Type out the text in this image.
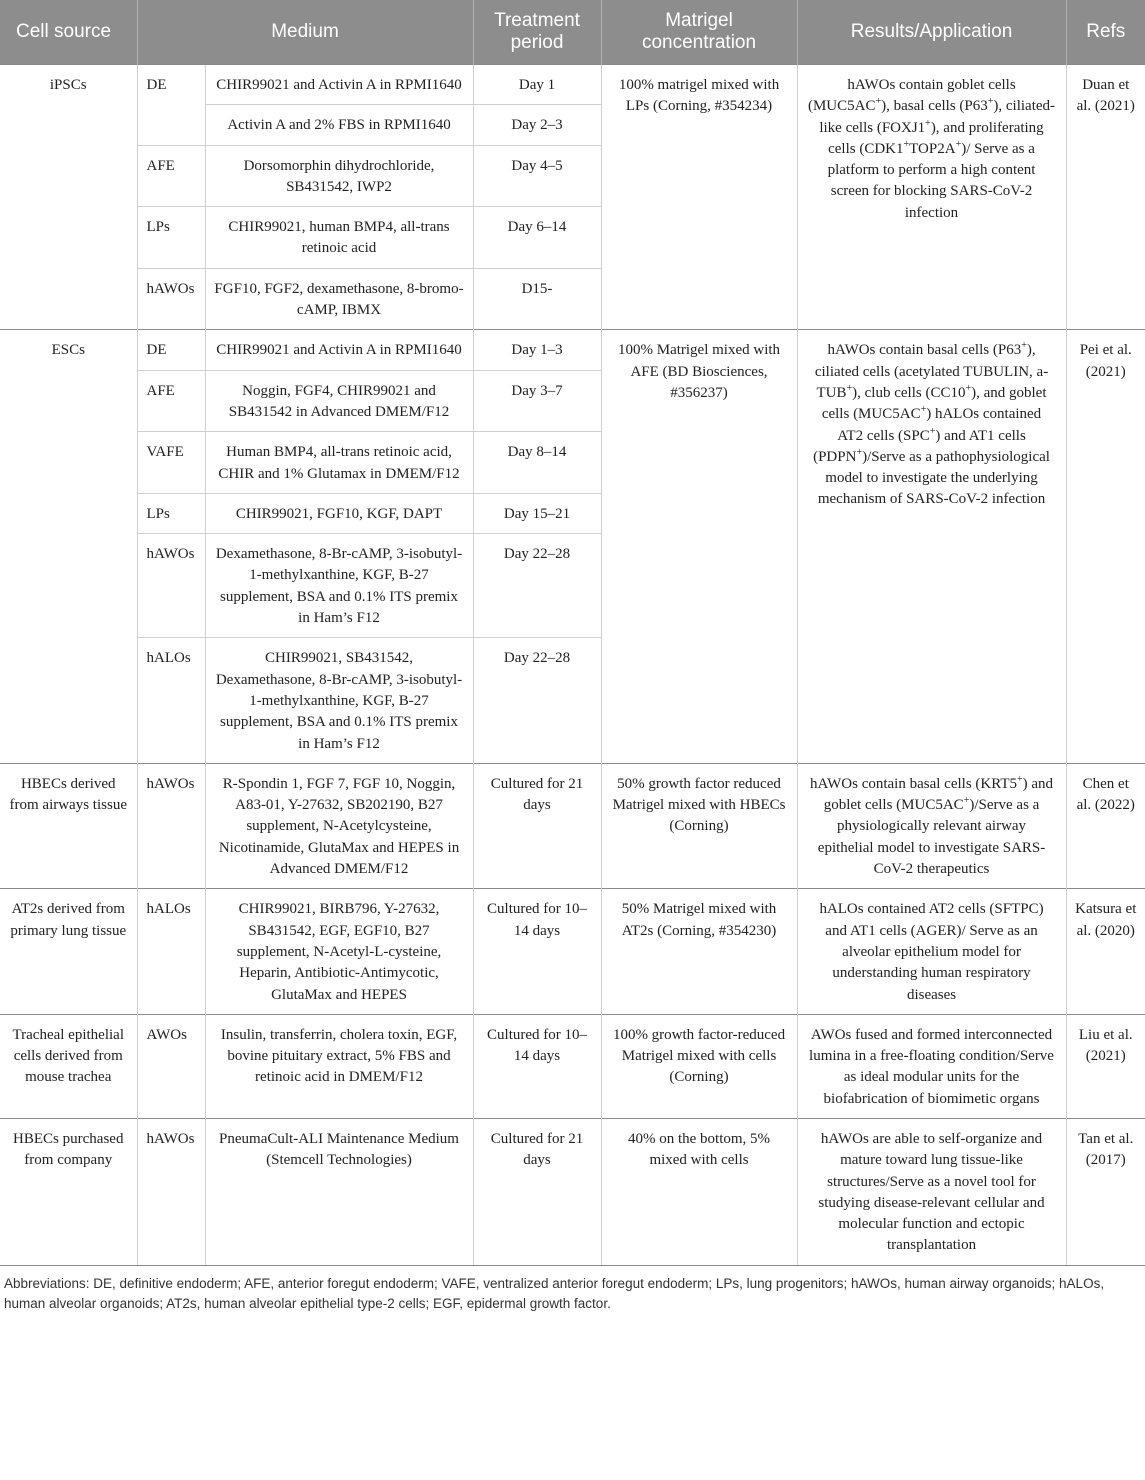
Cell source	Medium		Treatment period	Matrigel concentration	Results/Application	Refs
iPSCs	DE	CHIR99021 and Activin A in RPMI1640	Day 1	100% matrigel mixed with LPs (Corning, #354234)	hAWOs contain goblet cells (MUC5AC+), basal cells (P63+), ciliated-like cells (FOXJ1+), and proliferating cells (CDK1+TOP2A+)/ Serve as a platform to perform a high content screen for blocking SARS-CoV-2 infection	Duan et al. (2021)
		Activin A and 2% FBS in RPMI1640	Day 2–3			
	AFE	Dorsomorphin dihydrochloride, SB431542, IWP2	Day 4–5			
	LPs	CHIR99021, human BMP4, all-trans retinoic acid	Day 6–14			
	hAWOs	FGF10, FGF2, dexamethasone, 8-bromo-cAMP, IBMX	D15-			
ESCs	DE	CHIR99021 and Activin A in RPMI1640	Day 1–3	100% Matrigel mixed with AFE (BD Biosciences, #356237)	hAWOs contain basal cells (P63+), ciliated cells (acetylated TUBULIN, a-TUB+), club cells (CC10+), and goblet cells (MUC5AC+) hALOs contained AT2 cells (SPC+) and AT1 cells (PDPN+)/Serve as a pathophysiological model to investigate the underlying mechanism of SARS-CoV-2 infection	Pei et al. (2021)
	AFE	Noggin, FGF4, CHIR99021 and SB431542 in Advanced DMEM/F12	Day 3–7			
	VAFE	Human BMP4, all-trans retinoic acid, CHIR and 1% Glutamax in DMEM/F12	Day 8–14			
	LPs	CHIR99021, FGF10, KGF, DAPT	Day 15–21			
	hAWOs	Dexamethasone, 8-Br-cAMP, 3-isobutyl-1-methylxanthine, KGF, B-27 supplement, BSA and 0.1% ITS premix in Ham’s F12	Day 22–28			
	hALOs	CHIR99021, SB431542, Dexamethasone, 8-Br-cAMP, 3-isobutyl-1-methylxanthine, KGF, B-27 supplement, BSA and 0.1% ITS premix in Ham’s F12	Day 22–28			
HBECs derived from airways tissue	hAWOs	R-Spondin 1, FGF 7, FGF 10, Noggin, A83-01, Y-27632, SB202190, B27 supplement, N-Acetylcysteine, Nicotinamide, GlutaMax and HEPES in Advanced DMEM/F12	Cultured for 21 days	50% growth factor reduced Matrigel mixed with HBECs (Corning)	hAWOs contain basal cells (KRT5+) and goblet cells (MUC5AC+)/Serve as a physiologically relevant airway epithelial model to investigate SARS-CoV-2 therapeutics	Chen et al. (2022)
AT2s derived from primary lung tissue	hALOs	CHIR99021, BIRB796, Y-27632, SB431542, EGF, EGF10, B27 supplement, N-Acetyl-L-cysteine, Heparin, Antibiotic-Antimycotic, GlutaMax and HEPES	Cultured for 10–14 days	50% Matrigel mixed with AT2s (Corning, #354230)	hALOs contained AT2 cells (SFTPC) and AT1 cells (AGER)/ Serve as an alveolar epithelium model for understanding human respiratory diseases	Katsura et al. (2020)
Tracheal epithelial cells derived from mouse trachea	AWOs	Insulin, transferrin, cholera toxin, EGF, bovine pituitary extract, 5% FBS and retinoic acid in DMEM/F12	Cultured for 10–14 days	100% growth factor-reduced Matrigel mixed with cells (Corning)	AWOs fused and formed interconnected lumina in a free-floating condition/Serve as ideal modular units for the biofabrication of biomimetic organs	Liu et al. (2021)
HBECs purchased from company	hAWOs	PneumaCult-ALI Maintenance Medium (Stemcell Technologies)	Cultured for 21 days	40% on the bottom, 5% mixed with cells	hAWOs are able to self-organize and mature toward lung tissue-like structures/Serve as a novel tool for studying disease-relevant cellular and molecular function and ectopic transplantation	Tan et al. (2017)
Abbreviations: DE, definitive endoderm; AFE, anterior foregut endoderm; VAFE, ventralized anterior foregut endoderm; LPs, lung progenitors; hAWOs, human airway organoids; hALOs, human alveolar organoids; AT2s, human alveolar epithelial type-2 cells; EGF, epidermal growth factor.
